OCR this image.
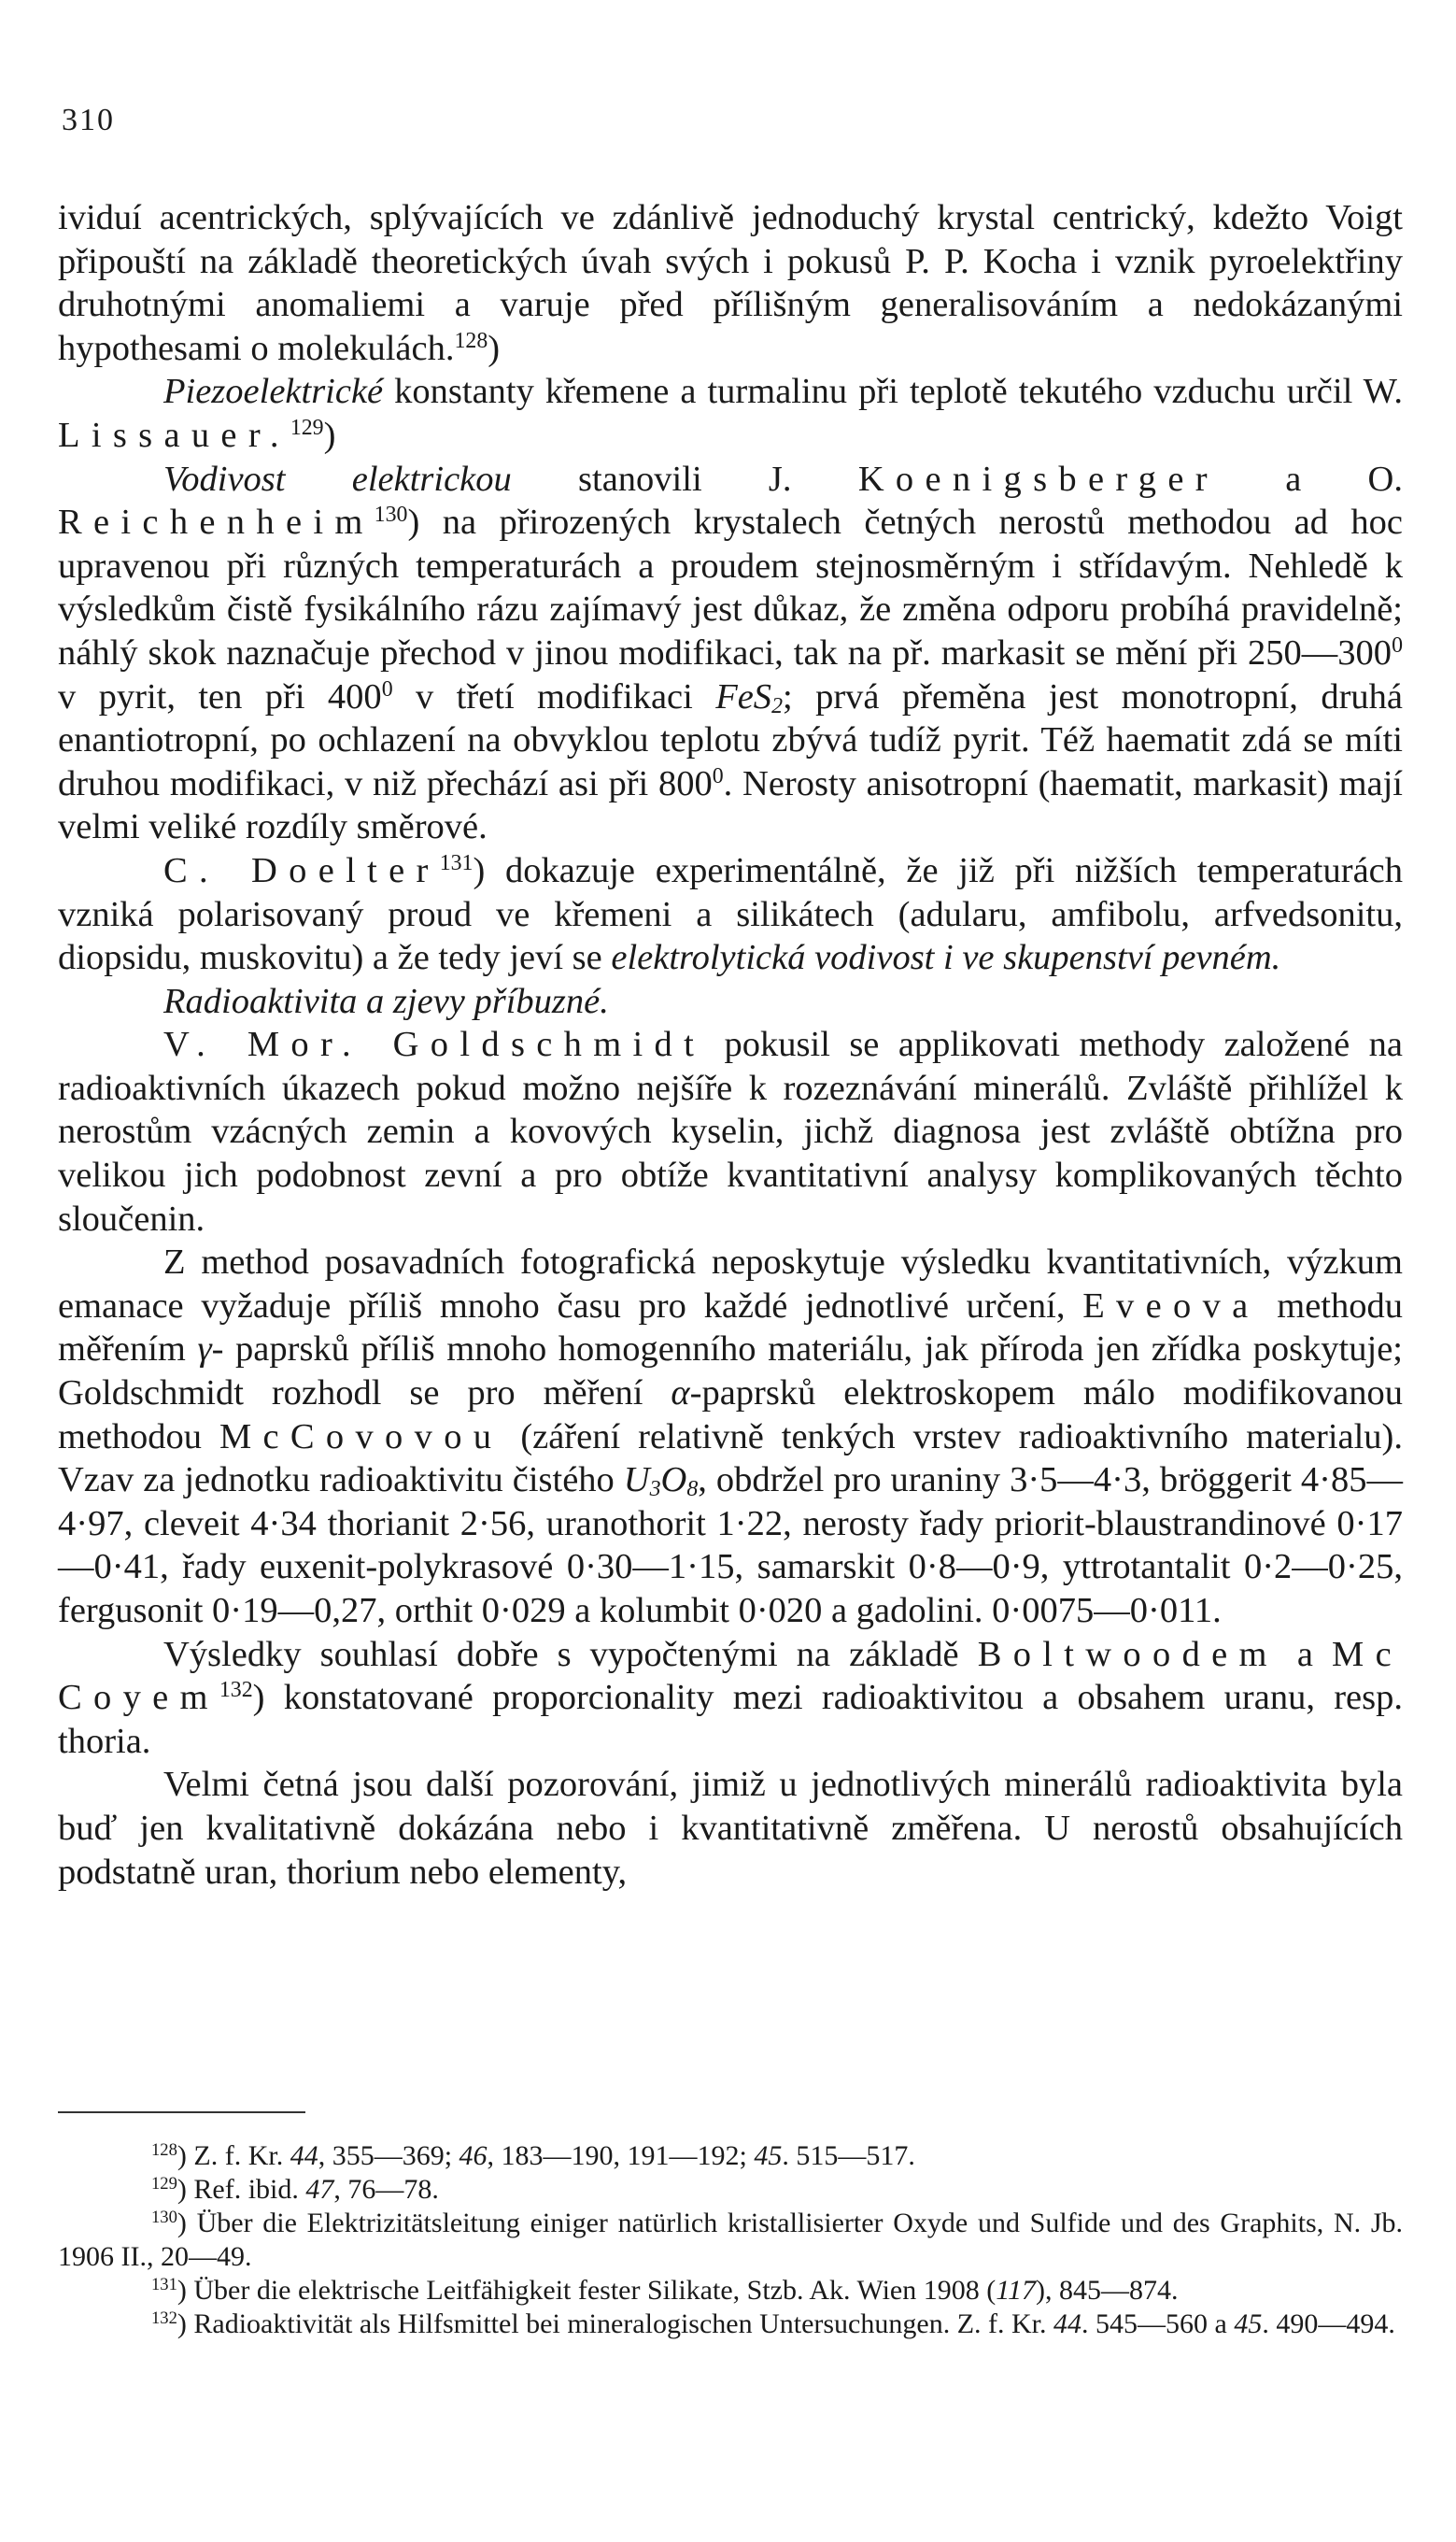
310

ividuí acentrických, splývajících ve zdánlivě jednoduchý krystal centrický, kdežto Voigt připouští na základě theoretických úvah svých i pokusů P. P. Kocha i vznik pyroelektřiny druhotnými anomaliemi a varuje před přílišným generalisováním a nedokázanými hypothesami o molekulách.$^{128}$)

Piezoelektrické konstanty křemene a turmalinu při teplotě tekutého vzduchu určil W. Lissauer.$^{129}$)

Vodivost elektrickou stanovili J. Koenigsberger a O. Reichenheim$^{130}$) na přirozených krystalech četných nerostů methodou ad hoc upravenou při různých temperaturách a proudem stejnosměrným i střídavým. Nehledě k výsledkům čistě fysikálního rázu zajímavý jest důkaz, že změna odporu probíhá pravidelně; náhlý skok naznačuje přechod v jinou modifikaci, tak na př. markasit se mění při $250—300^0$ v pyrit, ten při $400^0$ v třetí modifikaci FeS$_2$; prvá přeměna jest monotropní, druhá enantiotropní, po ochlazení na obvyklou teplotu zbývá tudíž pyrit. Též haematit zdá se míti druhou modifikaci, v niž přechází asi při $800^0$. Nerosty anisotropní (haematit, markasit) mají velmi veliké rozdíly směrové.

C. Doelter$^{131}$) dokazuje experimentálně, že již při nižších temperaturách vzniká polarisovaný proud ve křemeni a silikátech (adularu, amfibolu, arfvedsonitu, diopsidu, muskovitu) a že tedy jeví se elektrolytická vodivost i ve skupenství pevném.

Radioaktivita a zjevy příbuzné.

V. Mor. Goldschmidt pokusil se applikovati methody založené na radioaktivních úkazech pokud možno nejšíře k rozeznávání minerálů. Zvláště přihlížel k nerostům vzácných zemin a kovových kyselin, jichž diagnosa jest zvláště obtížna pro velikou jich podobnost zevní a pro obtíže kvantitativní analysy komplikovaných těchto sloučenin.

Z method posavadních fotografická neposkytuje výsledku kvantitativních, výzkum emanace vyžaduje příliš mnoho času pro každé jednotlivé určení, Eveova methodu měřením γ- paprsků příliš mnoho homogenního materiálu, jak příroda jen zřídka poskytuje; Goldschmidt rozhodl se pro měření α-paprsků elektroskopem málo modifikovanou methodou McCovovou (záření relativně tenkých vrstev radioaktivního materialu). Vzav za jednotku radioaktivitu čistého $U_3O_8$, obdržel pro uraniny 3·5—4·3, bröggerit 4·85—4·97, cleveit 4·34 thorianit 2·56, uranothorit 1·22, nerosty řady priorit-blaustrandinové 0·17—0·41, řady euxenit-polykrasové 0·30—1·15, samarskit 0·8—0·9, yttrotantalit 0·2—0·25, fergusonit 0·19—0,27, orthit 0·029 a kolumbit 0·020 a gadolini. 0·0075—0·011.

Výsledky souhlasí dobře s vypočtenými na základě Boltwoodem a Mc Coyem$^{132}$) konstatované proporcionality mezi radioaktivitou a obsahem uranu, resp. thoria.

Velmi četná jsou další pozorování, jimiž u jednotlivých minerálů radioaktivita byla buď jen kvalitativně dokázána nebo i kvantitativně změřena. U nerostů obsahujících podstatně uran, thorium nebo elementy,

$^{128}$) Z. f. Kr. 44, 355—369; 46, 183—190, 191—192; 45. 515—517.

$^{129}$) Ref. ibid. 47, 76—78.

$^{130}$) Über die Elektrizitätsleitung einiger natürlich kristallisierter Oxyde und Sulfide und des Graphits, N. Jb. 1906 II., 20—49.

$^{131}$) Über die elektrische Leitfähigkeit fester Silikate, Stzb. Ak. Wien 1908 (117), 845—874.

$^{132}$) Radioaktivität als Hilfsmittel bei mineralogischen Untersuchungen. Z. f. Kr. 44. 545—560 a 45. 490—494.
